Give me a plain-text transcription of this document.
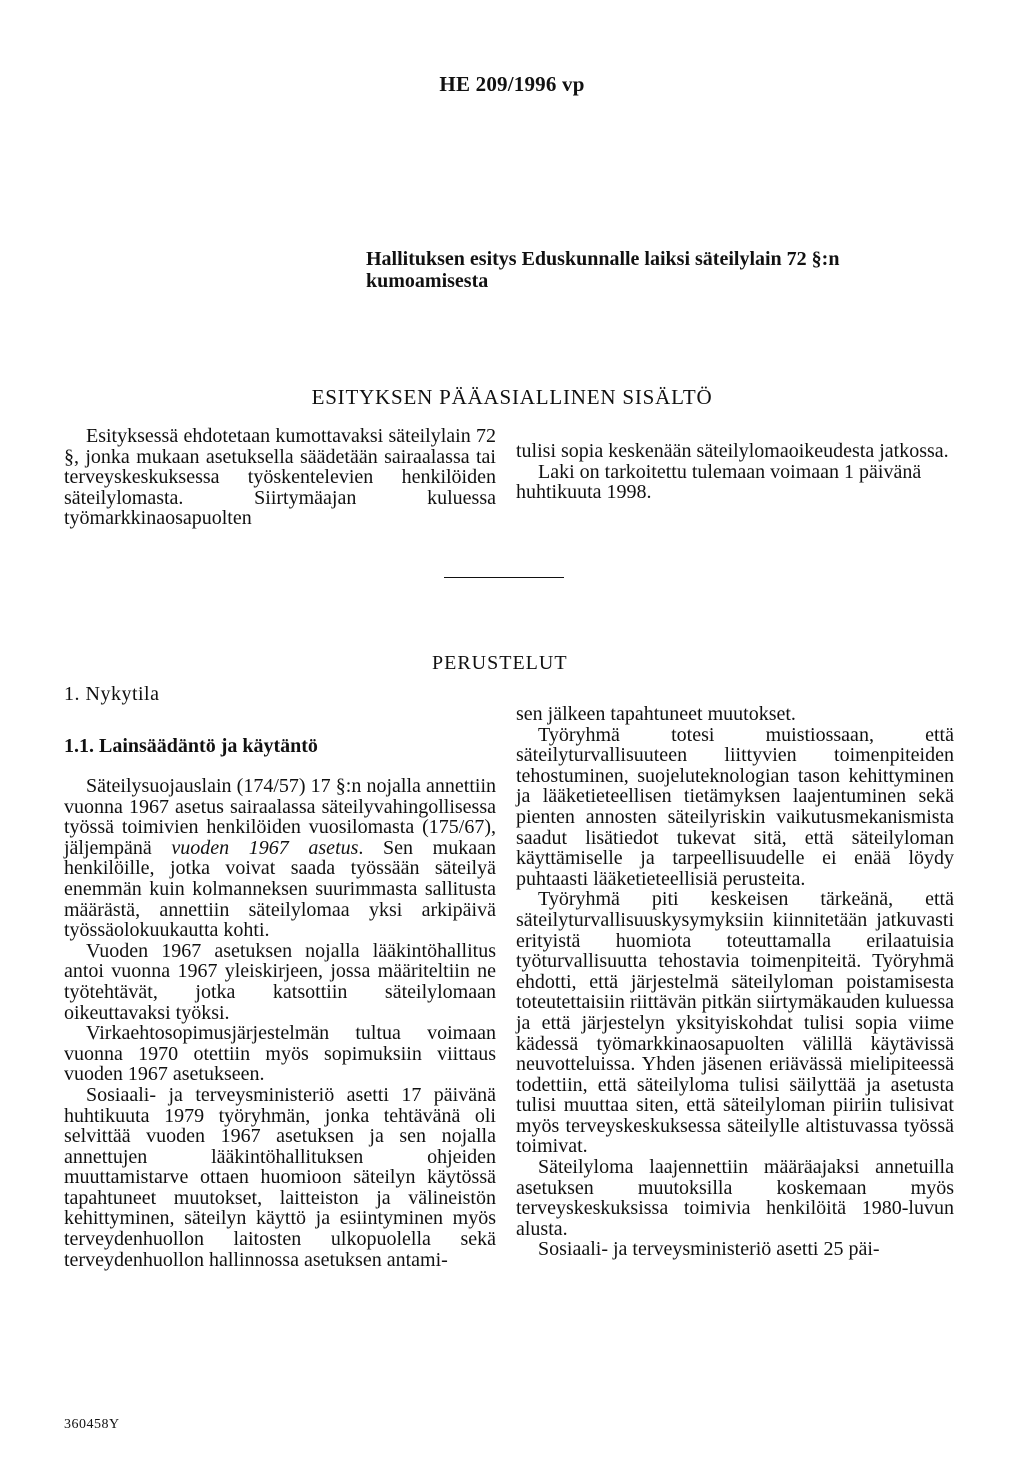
HE 209/1996 vp
Hallituksen esitys Eduskunnalle laiksi säteilylain 72 §:n kumoamisesta
ESITYKSEN PÄÄASIALLINEN SISÄLTÖ

Esityksessä ehdotetaan kumottavaksi säteilylain 72 §, jonka mukaan asetuksella säädetään sairaalassa tai terveyskeskuksessa työskentelevien henkilöiden säteilylomasta. Siirtymäajan kuluessa työmarkkinaosapuolten

tulisi sopia keskenään säteilylomaoikeudesta jatkossa.

Laki on tarkoitettu tulemaan voimaan 1 päivänä huhtikuuta 1998.

PERUSTELUT
1. Nykytila
1.1. Lainsäädäntö ja käytäntö

Säteilysuojauslain (174/57) 17 §:n nojalla annettiin vuonna 1967 asetus sairaalassa säteilyvahingollisessa työssä toimivien henkilöiden vuosilomasta (175/67), jäljempänä vuoden 1967 asetus. Sen mukaan henkilöille, jotka voivat saada työssään säteilyä enemmän kuin kolmanneksen suurimmasta sallitusta määrästä, annettiin säteilylomaa yksi arkipäivä työssäolokuukautta kohti.

Vuoden 1967 asetuksen nojalla lääkintöhallitus antoi vuonna 1967 yleiskirjeen, jossa määriteltiin ne työtehtävät, jotka katsottiin säteilylomaan oikeuttavaksi työksi.

Virkaehtosopimusjärjestelmän tultua voimaan vuonna 1970 otettiin myös sopimuksiin viittaus vuoden 1967 asetukseen.

Sosiaali- ja terveysministeriö asetti 17 päivänä huhtikuuta 1979 työryhmän, jonka tehtävänä oli selvittää vuoden 1967 asetuksen ja sen nojalla annettujen lääkintöhallituksen ohjeiden muuttamistarve ottaen huomioon säteilyn käytössä tapahtuneet muutokset, laitteiston ja välineistön kehittyminen, säteilyn käyttö ja esiintyminen myös terveydenhuollon laitosten ulkopuolella sekä terveydenhuollon hallinnossa asetuksen antami-

sen jälkeen tapahtuneet muutokset.

Työryhmä totesi muistiossaan, että säteilyturvallisuuteen liittyvien toimenpiteiden tehostuminen, suojeluteknologian tason kehittyminen ja lääketieteellisen tietämyksen laajentuminen sekä pienten annosten säteilyriskin vaikutusmekanismista saadut lisätiedot tukevat sitä, että säteilyloman käyttämiselle ja tarpeellisuudelle ei enää löydy puhtaasti lääketieteellisiä perusteita.

Työryhmä piti keskeisen tärkeänä, että säteilyturvallisuuskysymyksiin kiinnitetään jatkuvasti erityistä huomiota toteuttamalla erilaatuisia työturvallisuutta tehostavia toimenpiteitä. Työryhmä ehdotti, että järjestelmä säteilyloman poistamisesta toteutettaisiin riittävän pitkän siirtymäkauden kuluessa ja että järjestelyn yksityiskohdat tulisi sopia viime kädessä työmarkkinaosapuolten välillä käytävissä neuvotteluissa. Yhden jäsenen eriävässä mielipiteessä todettiin, että säteilyloma tulisi säilyttää ja asetusta tulisi muuttaa siten, että säteilyloman piiriin tulisivat myös terveyskeskuksessa säteilylle altistuvassa työssä toimivat.

Säteilyloma laajennettiin määräajaksi annetuilla asetuksen muutoksilla koskemaan myös terveyskeskuksissa toimivia henkilöitä 1980-luvun alusta.

Sosiaali- ja terveysministeriö asetti 25 päi-

360458Y
